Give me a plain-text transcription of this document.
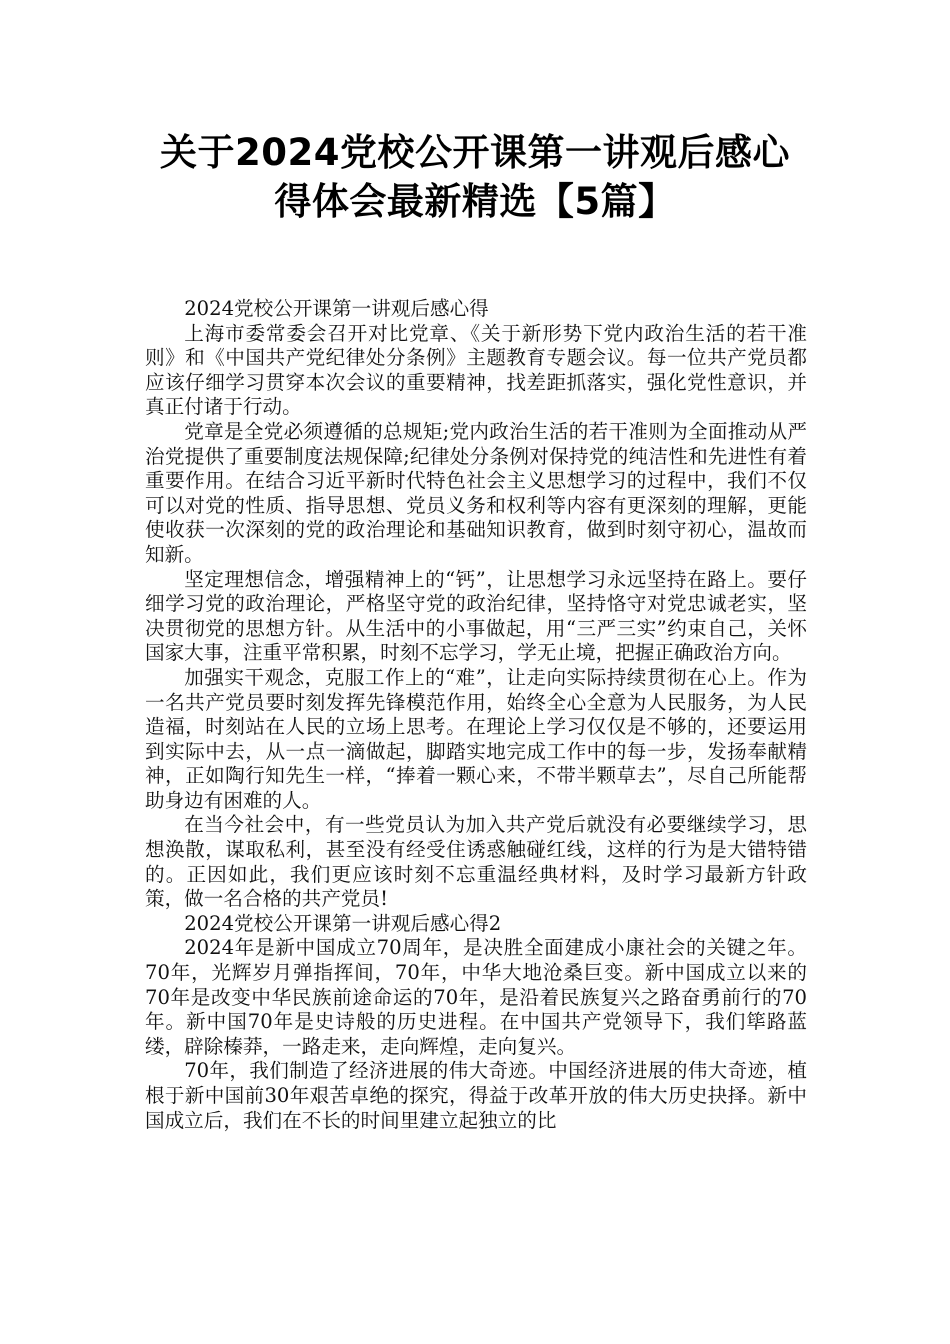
关于2024党校公开课第一讲观后感心
得体会最新精选【5篇】

2024党校公开课第一讲观后感心得

上海市委常委会召开对比党章、《关于新形势下党内政治生活的若干准则》和《中国共产党纪律处分条例》主题教育专题会议。每一位共产党员都应该仔细学习贯穿本次会议的重要精神，找差距抓落实，强化党性意识，并真正付诸于行动。

党章是全党必须遵循的总规矩;党内政治生活的若干准则为全面推动从严治党提供了重要制度法规保障;纪律处分条例对保持党的纯洁性和先进性有着重要作用。在结合习近平新时代特色社会主义思想学习的过程中，我们不仅可以对党的性质、指导思想、党员义务和权利等内容有更深刻的理解，更能使收获一次深刻的党的政治理论和基础知识教育，做到时刻守初心，温故而知新。

坚定理想信念，增强精神上的“钙”，让思想学习永远坚持在路上。要仔细学习党的政治理论，严格坚守党的政治纪律，坚持恪守对党忠诚老实，坚决贯彻党的思想方针。从生活中的小事做起，用“三严三实”约束自己，关怀国家大事，注重平常积累，时刻不忘学习，学无止境，把握正确政治方向。

加强实干观念，克服工作上的“难”，让走向实际持续贯彻在心上。作为一名共产党员要时刻发挥先锋模范作用，始终全心全意为人民服务，为人民造福，时刻站在人民的立场上思考。在理论上学习仅仅是不够的，还要运用到实际中去，从一点一滴做起，脚踏实地完成工作中的每一步，发扬奉献精神，正如陶行知先生一样，“捧着一颗心来，不带半颗草去”，尽自己所能帮助身边有困难的人。

在当今社会中，有一些党员认为加入共产党后就没有必要继续学习，思想涣散，谋取私利，甚至没有经受住诱惑触碰红线，这样的行为是大错特错的。正因如此，我们更应该时刻不忘重温经典材料，及时学习最新方针政策，做一名合格的共产党员!

2024党校公开课第一讲观后感心得2

2024年是新中国成立70周年，是决胜全面建成小康社会的关键之年。70年，光辉岁月弹指挥间，70年，中华大地沧桑巨变。新中国成立以来的70年是改变中华民族前途命运的70年，是沿着民族复兴之路奋勇前行的70年。新中国70年是史诗般的历史进程。在中国共产党领导下，我们筚路蓝缕，辟除榛莽，一路走来，走向辉煌，走向复兴。

70年，我们制造了经济进展的伟大奇迹。中国经济进展的伟大奇迹，植根于新中国前30年艰苦卓绝的探究，得益于改革开放的伟大历史抉择。新中国成立后，我们在不长的时间里建立起独立的比
